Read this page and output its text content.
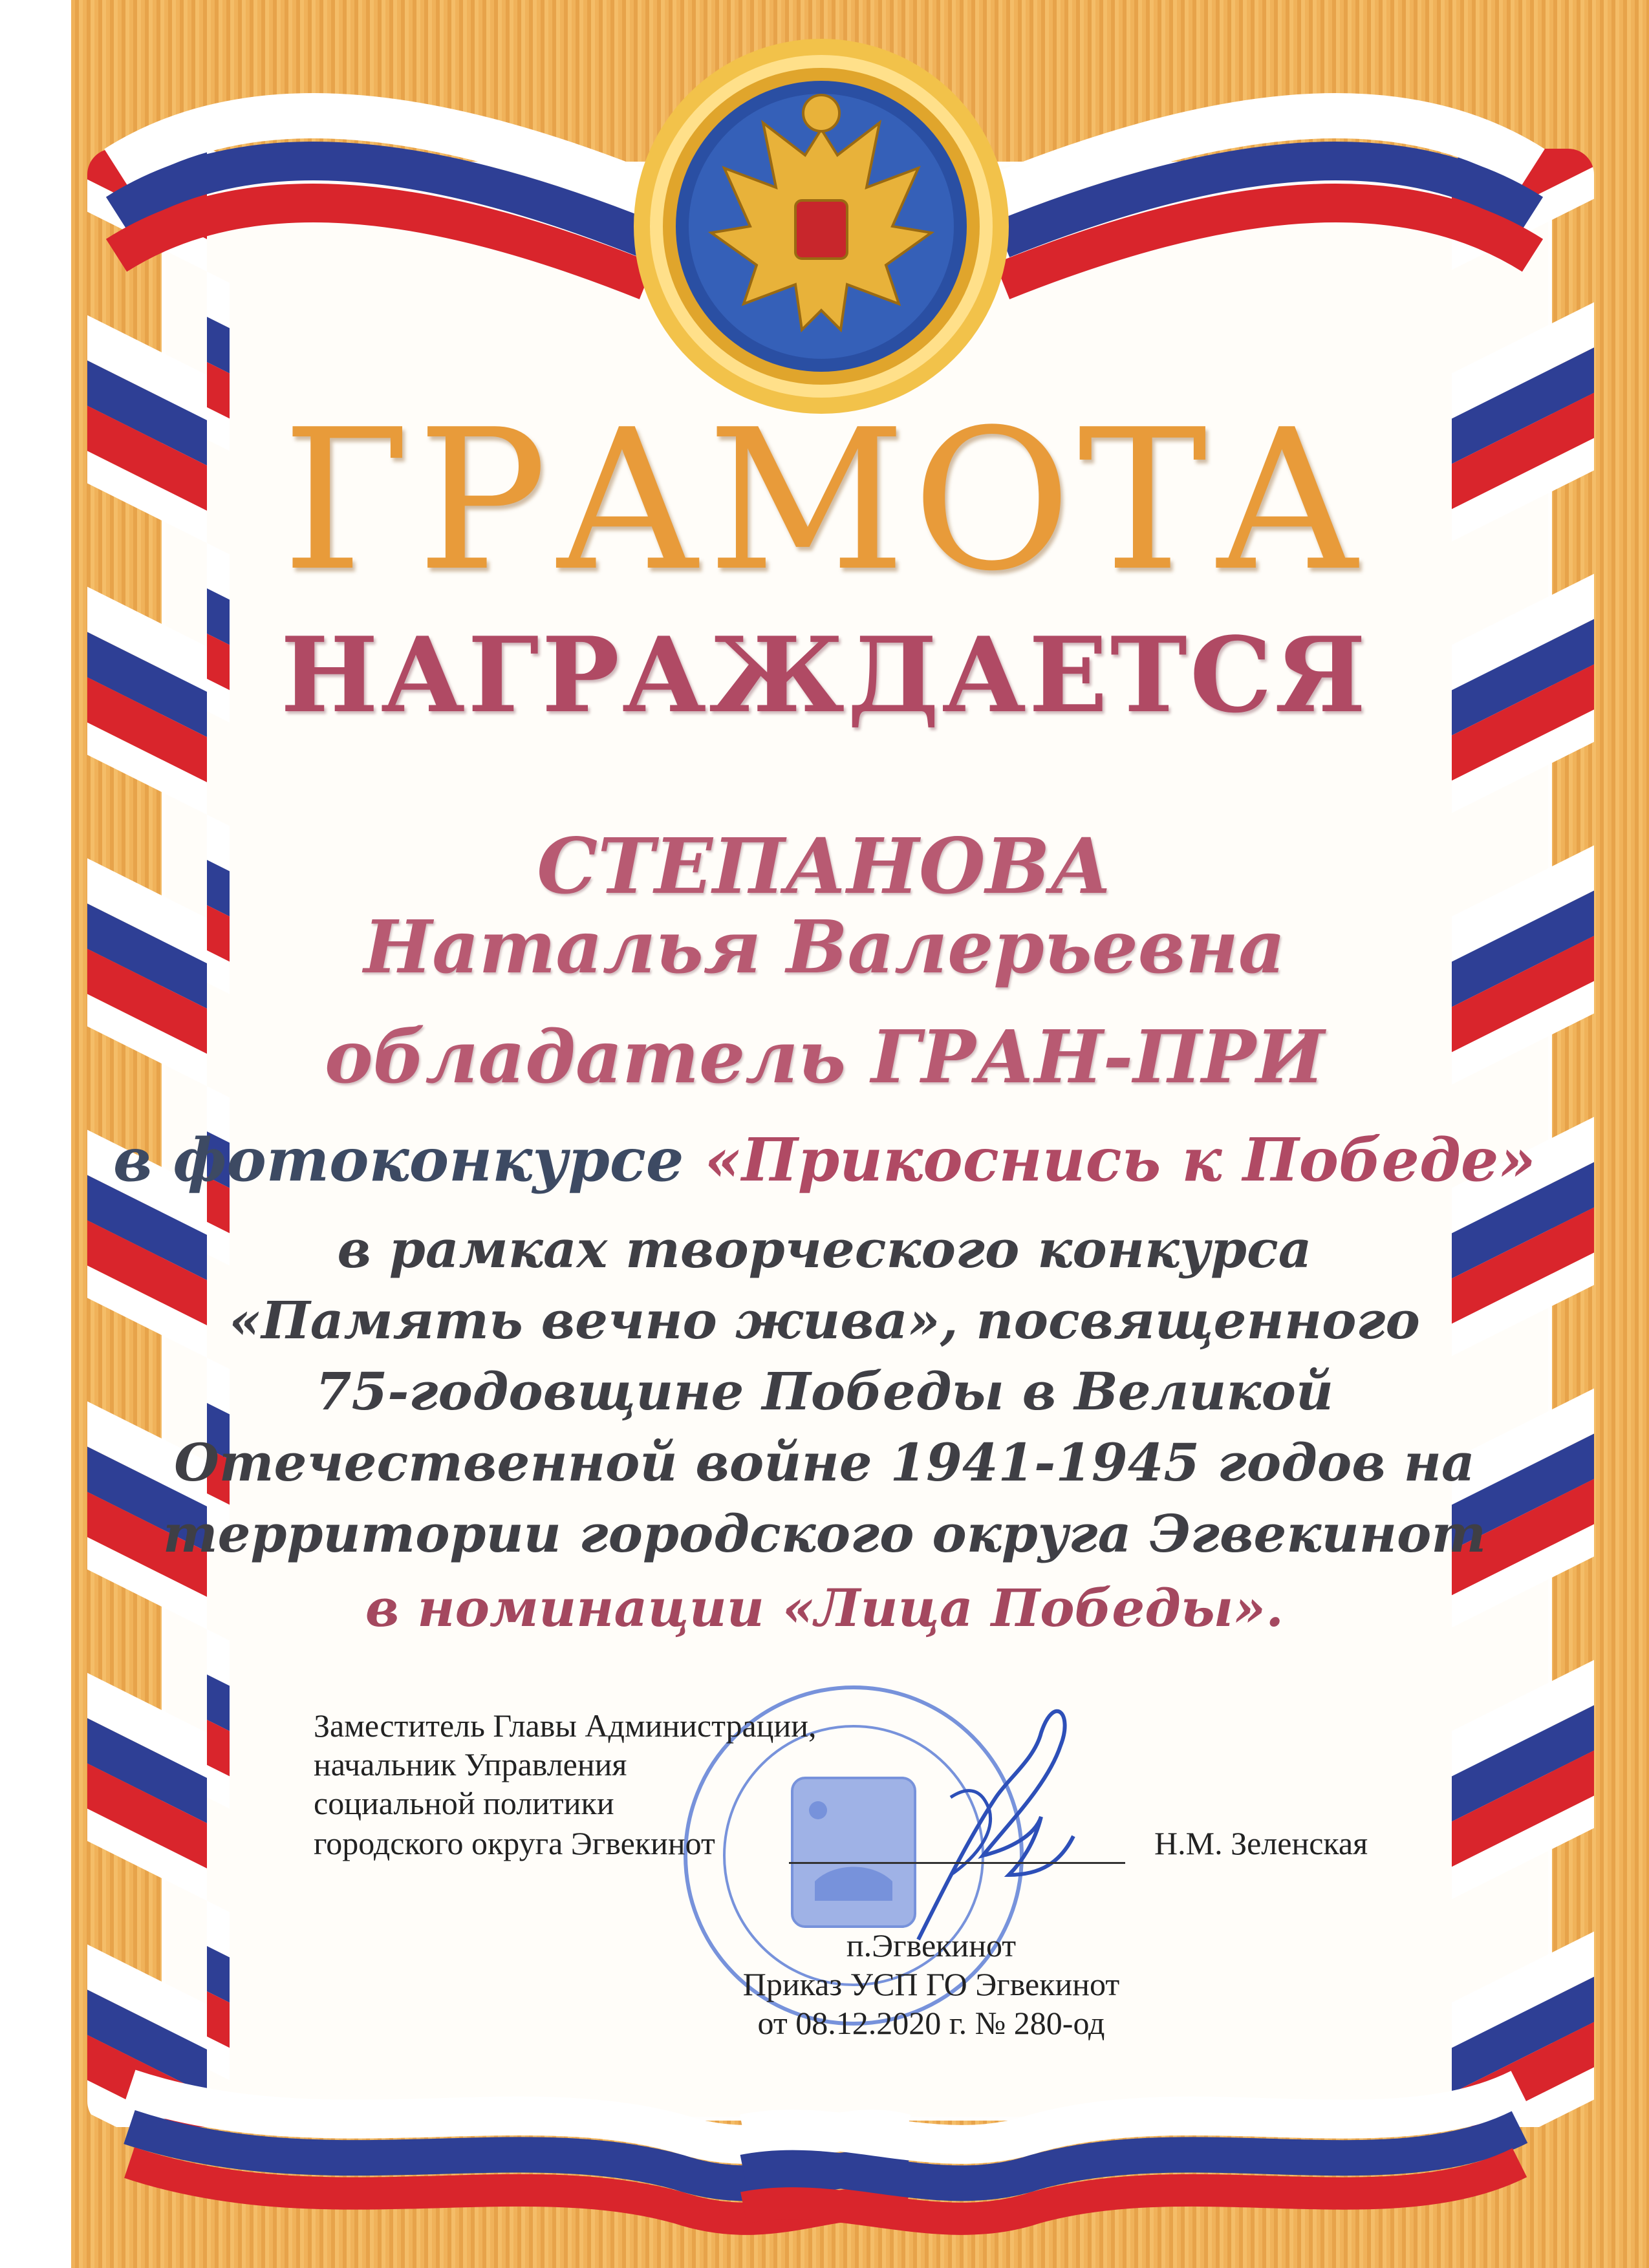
ГРАМОТА

НАГРАЖДАЕТСЯ

СТЕПАНОВА

Наталья Валерьевна

обладатель ГРАН-ПРИ

в фотоконкурсе «Прикоснись к Победе»

в рамках творческого конкурса

«Память вечно жива», посвященного

75-годовщине Победы в Великой

Отечественной войне 1941-1945 годов на

территории городского округа Эгвекинот

в номинации «Лица Победы».

Заместитель Главы Администрации,

начальник Управления

социальной политики

городского округа Эгвекинот	Н.М. Зеленская

п.Эгвекинот

Приказ УСП ГО Эгвекинот

от 08.12.2020 г. № 280-од
